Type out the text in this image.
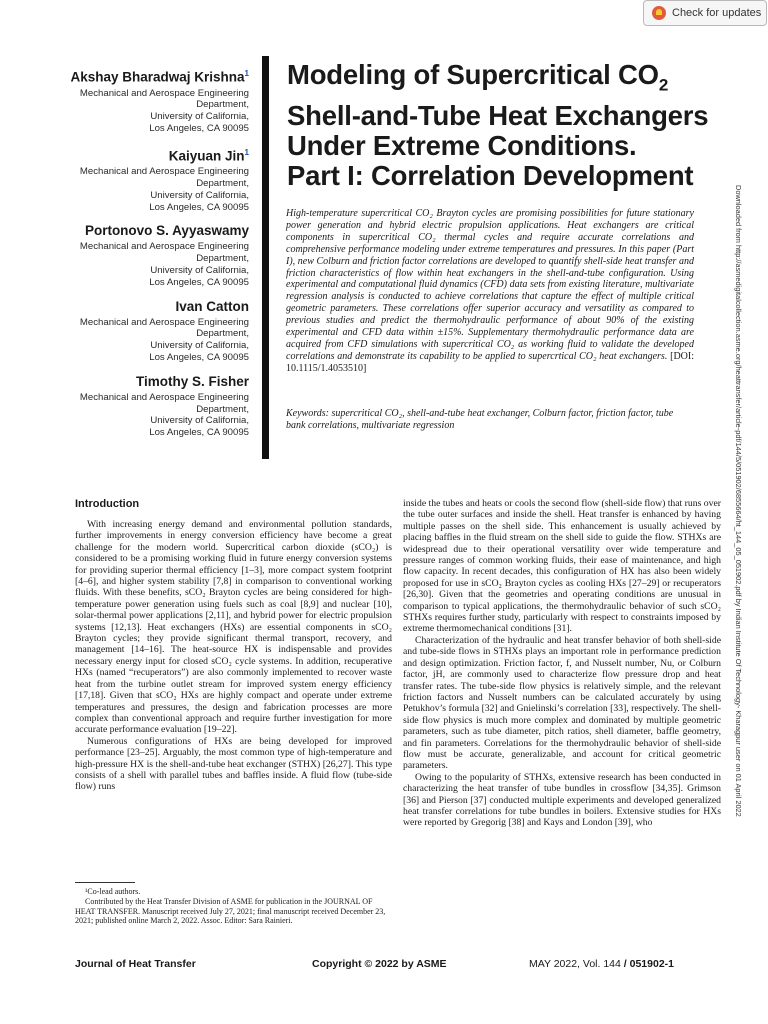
Check for updates
Akshay Bharadwaj Krishna$^1$
Mechanical and Aerospace Engineering
Department,
University of California,
Los Angeles, CA 90095
Kaiyuan Jin$^1$
Mechanical and Aerospace Engineering
Department,
University of California,
Los Angeles, CA 90095
Portonovo S. Ayyaswamy
Mechanical and Aerospace Engineering
Department,
University of California,
Los Angeles, CA 90095
Ivan Catton
Mechanical and Aerospace Engineering
Department,
University of California,
Los Angeles, CA 90095
Timothy S. Fisher
Mechanical and Aerospace Engineering
Department,
University of California,
Los Angeles, CA 90095
Modeling of Supercritical $CO_2$
Shell-and-Tube Heat Exchangers
Under Extreme Conditions.
Part I: Correlation Development

High-temperature supercritical CO₂ Brayton cycles are promising possibilities for future stationary power generation and hybrid electric propulsion applications. Heat exchangers are critical components in supercritical CO₂ thermal cycles and require accurate correlations and comprehensive performance modeling under extreme temperatures and pressures. In this paper (Part I), new Colburn and friction factor correlations are developed to quantify shell-side heat transfer and friction characteristics of flow within heat exchangers in the shell-and-tube configuration. Using experimental and computational fluid dynamics (CFD) data sets from existing literature, multivariate regression analysis is conducted to achieve correlations that capture the effect of multiple critical geometric parameters. These correlations offer superior accuracy and versatility as compared to previous studies and predict the thermohydraulic performance of about 90% of the existing experimental and CFD data within ±15%. Supplementary thermohydraulic performance data are acquired from CFD simulations with supercritical CO₂ as working fluid to validate the developed correlations and demonstrate its capability to be applied to supercrtical CO₂ heat exchangers. [DOI: 10.1115/1.4053510]

Keywords: supercritical CO₂, shell-and-tube heat exchanger, Colburn factor, friction factor, tube bank correlations, multivariate regression	Downloaded from http://asmedigitalcollection.asme.org/heattransfer/article-pdf/144/5/051902/6855664/ht_144_05_051902.pdf by Indian Institute Of Technology- Kharagpur user on 01 April 2022
Introduction

With increasing energy demand and environmental pollution standards, further improvements in energy conversion efficiency have become a great challenge for the modern world. Supercritical carbon dioxide (sCO₂) is considered to be a promising working fluid in future energy conversion systems for providing superior thermal efficiency [1–3], more compact system footprint [4–6], and higher system stability [7,8] in comparison to conventional working fluids. With these benefits, sCO₂ Brayton cycles are being considered for high-temperature power generation using fuels such as coal [8,9] and nuclear [10], solar-thermal power applications [2,11], and hybrid power for electric propulsion systems [12,13]. Heat exchangers (HXs) are essential components in sCO₂ Brayton cycles; they provide significant thermal transport, recovery, and management [14–16]. The heat-source HX is indispensable and provides necessary energy input for closed sCO₂ cycle systems. In addition, recuperative HXs (named “recuperators”) are also commonly implemented to recover waste heat from the turbine outlet stream for improved system energy efficiency [17,18]. Given that sCO₂ HXs are highly compact and operate under extreme temperatures and pressures, the design and fabrication processes are more complex than conventional approach and require further investigation for more accurate performance evaluation [19–22].

Numerous configurations of HXs are being developed for improved performance [23–25]. Arguably, the most common type of high-temperature and high-pressure HX is the shell-and-tube heat exchanger (STHX) [26,27]. This type consists of a shell with parallel tubes and baffles inside. A fluid flow (tube-side flow) runs

inside the tubes and heats or cools the second flow (shell-side flow) that runs over the tube outer surfaces and inside the shell. Heat transfer is enhanced by having multiple passes on the shell side. This enhancement is usually achieved by placing baffles in the fluid stream on the shell side to guide the flow. STHXs are widespread due to their operational versatility over wide temperature and pressure ranges of common working fluids, their ease of maintenance, and high flow capacity. In recent decades, this configuration of HX has also been widely proposed for use in sCO₂ Brayton cycles as cooling HXs [27–29] or recuperators [26,30]. Given that the geometries and operating conditions are unusual in comparison to typical applications, the thermohydraulic behavior of such sCO₂ STHXs requires further study, particularly with respect to constraints imposed by extreme thermomechanical conditions [31].

Characterization of the hydraulic and heat transfer behavior of both shell-side and tube-side flows in STHXs plays an important role in performance prediction and design optimization. Friction factor, f, and Nusselt number, Nu, or Colburn factor, jH, are commonly used to characterize flow pressure drop and heat transfer rates. The tube-side flow physics is relatively simple, and the relevant friction factors and Nusselt numbers can be calculated accurately by using Petukhov’s formula [32] and Gnielinski’s correlation [33], respectively. The shell-side flow physics is much more complex and dominated by multiple geometric parameters, such as tube diameter, pitch ratios, shell diameter, baffle geometry, and fin parameters. Correlations for the thermohydraulic behavior of shell-side flow must be accurate, generalizable, and account for critical geometric parameters.

Owing to the popularity of STHXs, extensive research has been conducted in characterizing the heat transfer of tube bundles in crossflow [34,35]. Grimson [36] and Pierson [37] conducted multiple experiments and developed generalized heat transfer correlations for tube bundles in boilers. Extensive studies for HXs were reported by Gregorig [38] and Kays and London [39], who

¹Co-lead authors.

Contributed by the Heat Transfer Division of ASME for publication in the JOURNAL OF HEAT TRANSFER. Manuscript received July 27, 2021; final manuscript received December 23, 2021; published online March 2, 2022. Assoc. Editor: Sara Rainieri.

Journal of Heat Transfer	Copyright © 2022 by ASME	MAY 2022, Vol. 144 / 051902-1
